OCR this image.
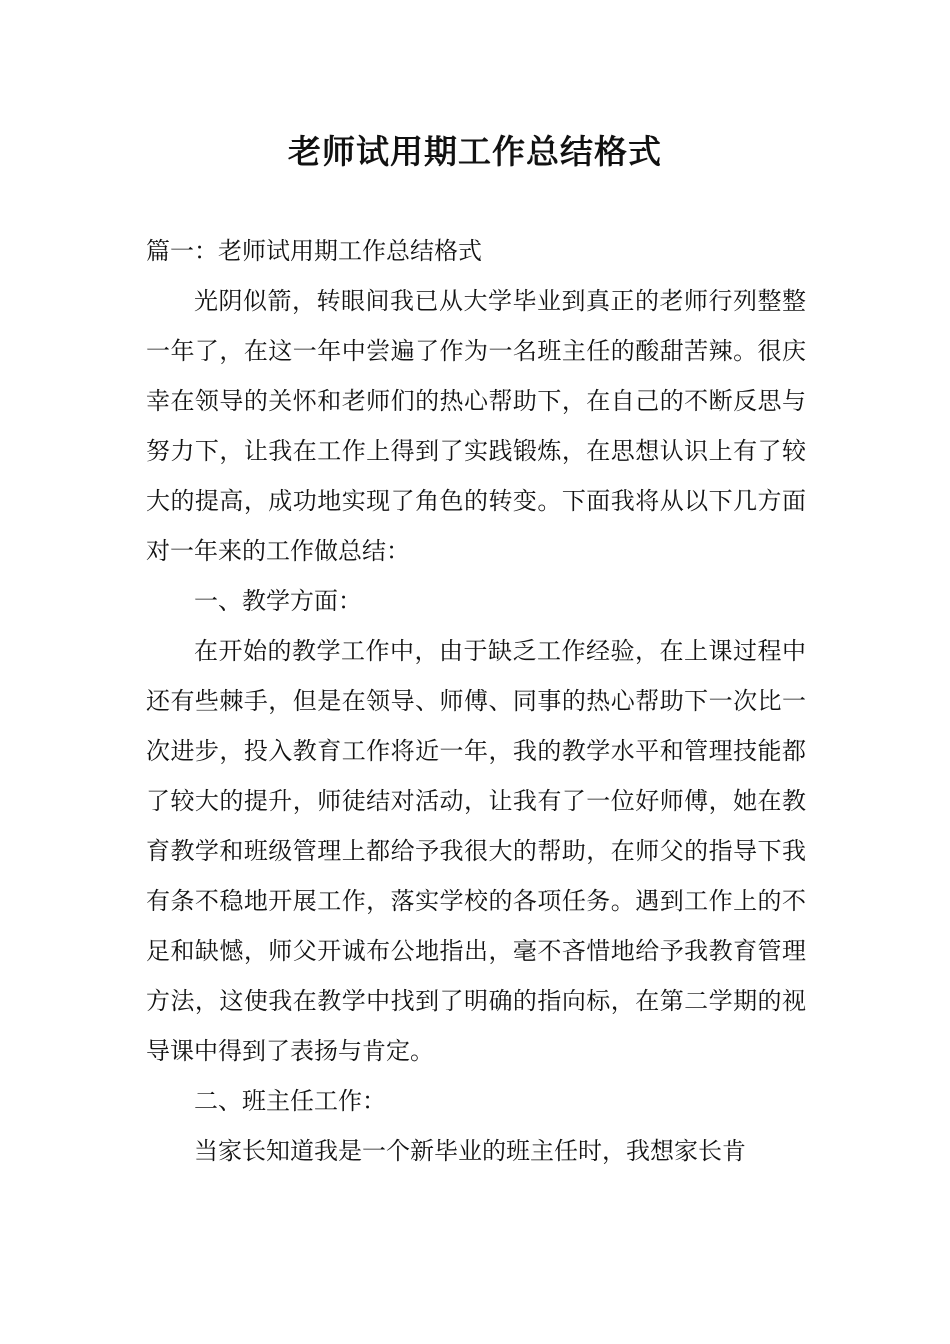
老师试用期工作总结格式

篇一：老师试用期工作总结格式

光阴似箭，转眼间我已从大学毕业到真正的老师行列整整一年了，在这一年中尝遍了作为一名班主任的酸甜苦辣。很庆幸在领导的关怀和老师们的热心帮助下，在自己的不断反思与努力下，让我在工作上得到了实践锻炼，在思想认识上有了较大的提高，成功地实现了角色的转变。下面我将从以下几方面对一年来的工作做总结：

一、教学方面：

在开始的教学工作中，由于缺乏工作经验，在上课过程中还有些棘手，但是在领导、师傅、同事的热心帮助下一次比一次进步，投入教育工作将近一年，我的教学水平和管理技能都了较大的提升，师徒结对活动，让我有了一位好师傅，她在教育教学和班级管理上都给予我很大的帮助，在师父的指导下我有条不稳地开展工作，落实学校的各项任务。遇到工作上的不足和缺憾，师父开诚布公地指出，毫不吝惜地给予我教育管理方法，这使我在教学中找到了明确的指向标，在第二学期的视导课中得到了表扬与肯定。

二、班主任工作：

当家长知道我是一个新毕业的班主任时，我想家长肯
